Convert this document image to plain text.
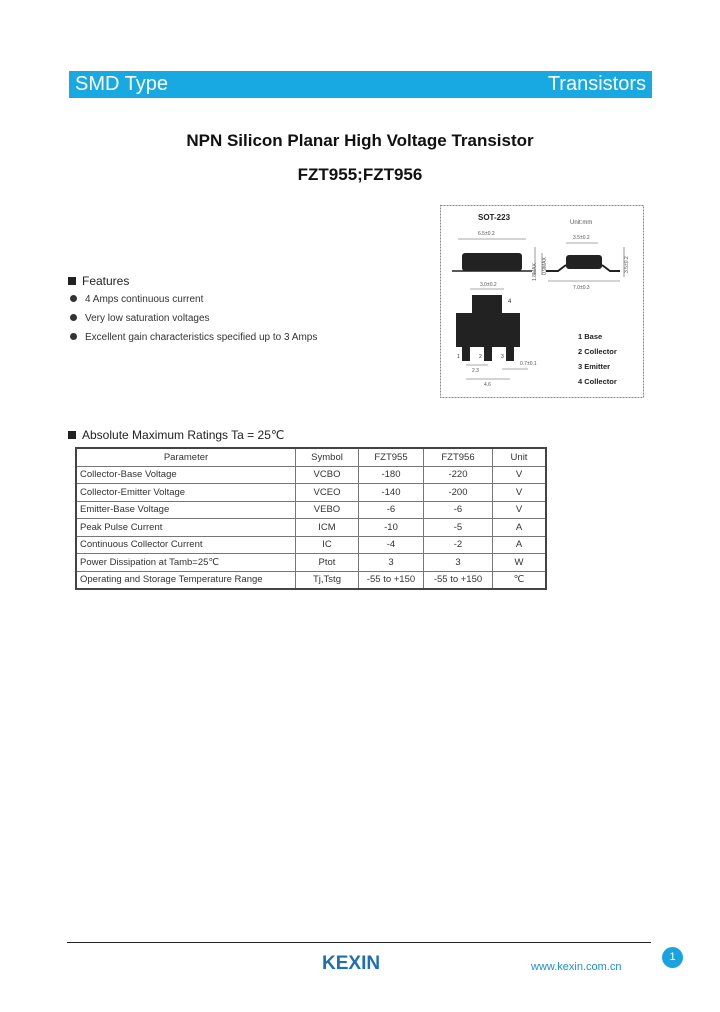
SMD Type	Transistors
NPN Silicon Planar High Voltage Transistor
FZT955;FZT956
SOT-223
Unit:mm
6.5±0.2
1.8MAX
3.5±0.2
0.9MAX
7.0±0.3
3.5±0.2
3.0±0.2
4
1	2	3
2.3
4.6
0.7±0.1
1 Base
2 Collector
3 Emitter
4 Collector
Features
4 Amps continuous current
Very low saturation voltages
Excellent gain characteristics specified up to 3 Amps
Absolute Maximum Ratings Ta = 25℃
Parameter	Symbol	FZT955	FZT956	Unit
Collector-Base Voltage	VCBO	-180	-220	V
Collector-Emitter Voltage	VCEO	-140	-200	V
Emitter-Base Voltage	VEBO	-6	-6	V
Peak Pulse Current	ICM	-10	-5	A
Continuous Collector Current	IC	-4	-2	A
Power Dissipation at Tamb=25℃	Ptot	3	3	W
Operating and Storage Temperature Range	Tj,Tstg	-55 to +150	-55 to +150	℃
KEXIN	www.kexin.com.cn
1
